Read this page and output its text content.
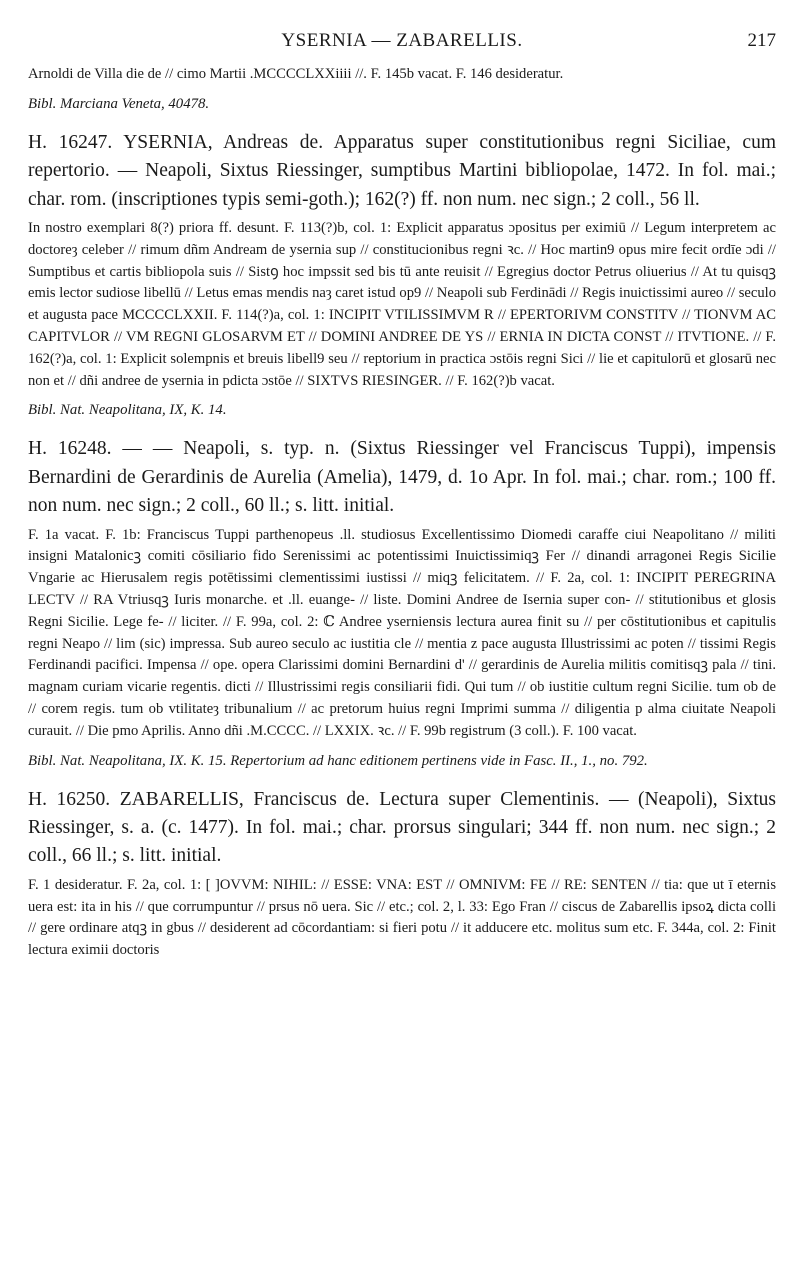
YSERNIA — ZABARELLIS.	217

Arnoldi de Villa die de // cimo Martii .MCCCCLXXiiii //. F. 145b vacat. F. 146 desideratur.

Bibl. Marciana Veneta, 40478.

H. 16247. YSERNIA, Andreas de. Apparatus super constitutionibus regni Siciliae, cum repertorio. — Neapoli, Sixtus Riessinger, sumptibus Martini bibliopolae, 1472. In fol. mai.; char. rom. (inscriptiones typis semi-goth.); 162(?) ff. non num. nec sign.; 2 coll., 56 ll.

In nostro exemplari 8(?) priora ff. desunt. F. 113(?)b, col. 1: Explicit apparatus ɔpositus per eximiū // Legum interpretem ac doctoreȝ celeber // rimum dñm Andream de ysernia sup // constitucionibus regni ꝛc. // Hoc martin9 opus mire fecit ordīe ɔdi // Sumptibus et cartis bibliopola suis // Sistꝯ hoc impssit sed bis tū ante reuisit // Egregius doctor Petrus oliuerius // At tu quisqꝫ emis lector sudiose libellū // Letus emas mendis naȝ caret istud op9 // Neapoli sub Ferdinādi // Regis inuictissimi aureo // seculo et augusta pace MCCCCLXXII. F. 114(?)a, col. 1: INCIPIT VTILISSIMVM R // EPERTORIVM CONSTITV // TIONVM AC CAPITVLOR // VM REGNI GLOSARVM ET // DOMINI ANDREE DE YS // ERNIA IN DICTA CONST // ITVTIONE. // F. 162(?)a, col. 1: Explicit solempnis et breuis libell9 seu // reptorium in practica ɔstōis regni Sici // lie et capitulorū et glosarū nec non et // dñi andree de ysernia in pdicta ɔstōe // SIXTVS RIESINGER. // F. 162(?)b vacat.

Bibl. Nat. Neapolitana, IX, K. 14.

H. 16248. — — Neapoli, s. typ. n. (Sixtus Riessinger vel Franciscus Tuppi), impensis Bernardini de Gerardinis de Aurelia (Amelia), 1479, d. 1o Apr. In fol. mai.; char. rom.; 100 ff. non num. nec sign.; 2 coll., 60 ll.; s. litt. initial.

F. 1a vacat. F. 1b: Franciscus Tuppi parthenopeus .ll. studiosus Excellentissimo Diomedi caraffe ciui Neapolitano // militi insigni Matalonicꝫ comiti cōsiliario fido Serenissimi ac potentissimi Inuictissimiqꝫ Fer // dinandi arragonei Regis Sicilie Vngarie ac Hierusalem regis potētissimi clementissimi iustissi // miqꝫ felicitatem. // F. 2a, col. 1: INCIPIT PEREGRINA LECTV // RA Vtriusqꝫ Iuris monarche. et .ll. euange- // liste. Domini Andree de Isernia super con- // stitutionibus et glosis Regni Sicilie. Lege fe- // liciter. // F. 99a, col. 2: ℂ Andree yserniensis lectura aurea finit su // per cōstitutionibus et capitulis regni Neapo // lim (sic) impressa. Sub aureo seculo ac iustitia cle // mentia z pace augusta Illustrissimi ac poten // tissimi Regis Ferdinandi pacifici. Impensa // ope. opera Clarissimi domini Bernardini d' // gerardinis de Aurelia militis comitisqꝫ pala // tini. magnam curiam vicarie regentis. dicti // Illustrissimi regis consiliarii fidi. Qui tum // ob iustitie cultum regni Sicilie. tum ob de // corem regis. tum ob vtilitateȝ tribunalium // ac pretorum huius regni Imprimi summa // diligentia p alma ciuitate Neapoli curauit. // Die pmo Aprilis. Anno dñi .M.CCCC. // LXXIX. ꝛc. // F. 99b registrum (3 coll.). F. 100 vacat.

Bibl. Nat. Neapolitana, IX. K. 15. Repertorium ad hanc editionem pertinens vide in Fasc. II., 1., no. 792.

H. 16250. ZABARELLIS, Franciscus de. Lectura super Clementinis. — (Neapoli), Sixtus Riessinger, s. a. (c. 1477). In fol. mai.; char. prorsus singulari; 344 ff. non num. nec sign.; 2 coll., 66 ll.; s. litt. initial.

F. 1 desideratur. F. 2a, col. 1: [ ]OVVM: NIHIL: // ESSE: VNA: EST // OMNIVM: FE // RE: SENTEN // tia: que ut ī eternis uera est: ita in his // que corrumpuntur // prsus nō uera. Sic // etc.; col. 2, l. 33: Ego Fran // ciscus de Zabarellis ipsoꝝ dicta colli // gere ordinare atqꝫ in gbus // desiderent ad cōcordantiam: si fieri potu // it adducere etc. molitus sum etc. F. 344a, col. 2: Finit lectura eximii doctoris
